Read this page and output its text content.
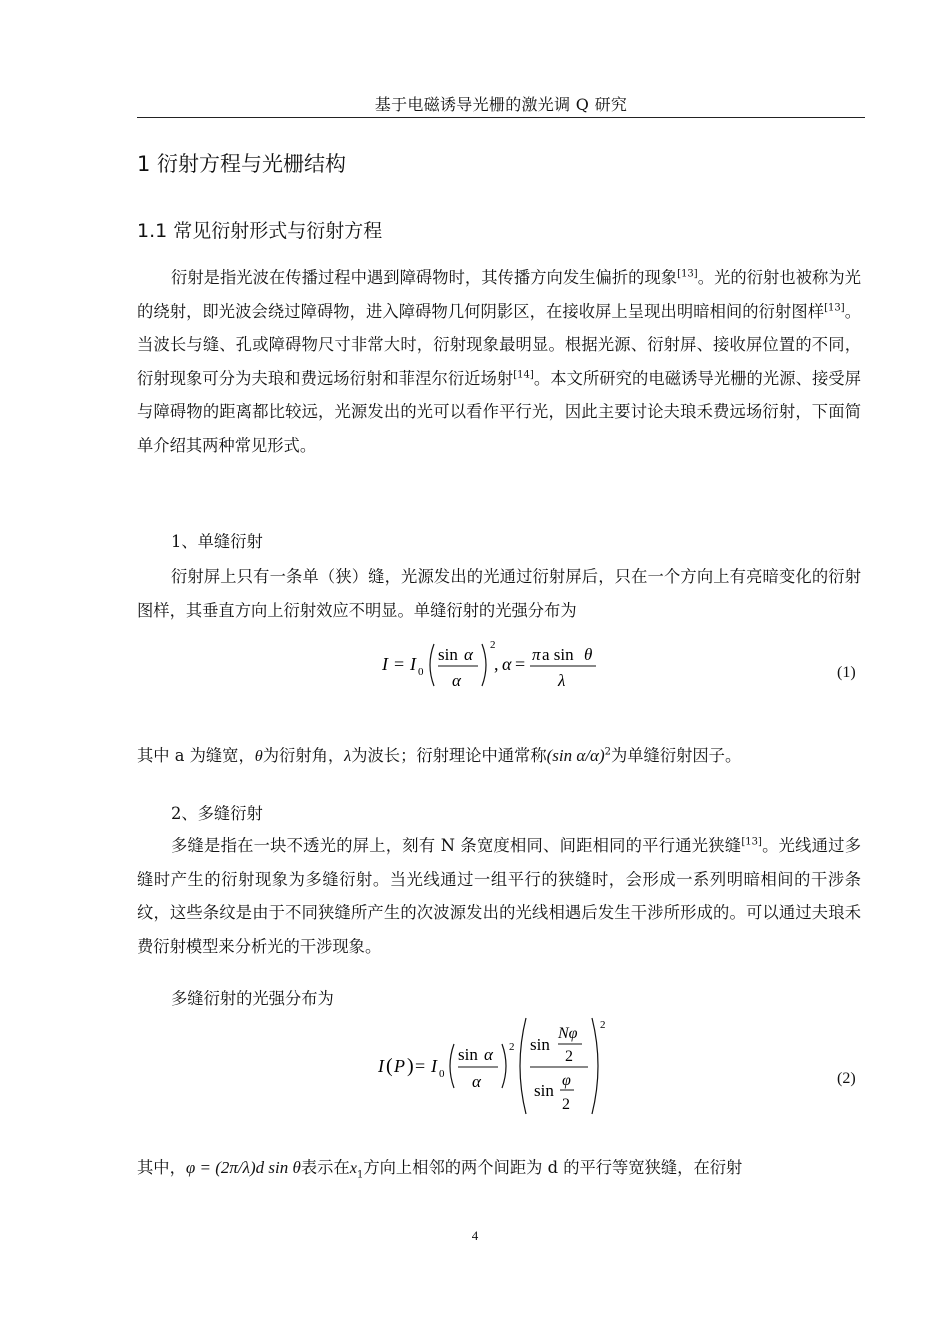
基于电磁诱导光栅的激光调 Q 研究
1 衍射方程与光栅结构
1.1 常见衍射形式与衍射方程
衍射是指光波在传播过程中遇到障碍物时，其传播方向发生偏折的现象[13]。光的衍射也被称为光的绕射，即光波会绕过障碍物，进入障碍物几何阴影区，在接收屏上呈现出明暗相间的衍射图样[13]。当波长与缝、孔或障碍物尺寸非常大时，衍射现象最明显。根据光源、衍射屏、接收屏位置的不同，衍射现象可分为夫琅和费远场衍射和菲涅尔衍近场射[14]。本文所研究的电磁诱导光栅的光源、接受屏与障碍物的距离都比较远，光源发出的光可以看作平行光，因此主要讨论夫琅禾费远场衍射，下面简单介绍其两种常见形式。
1、单缝衍射
衍射屏上只有一条单（狭）缝，光源发出的光通过衍射屏后，只在一个方向上有亮暗变化的衍射图样，其垂直方向上衍射效应不明显。单缝衍射的光强分布为
I = I 0
sin α
α
2
, α = π a sin θ
λ	(1)
其中 a 为缝宽，θ为衍射角，λ为波长；衍射理论中通常称(sin α/α)$^2$为单缝衍射因子。
2、多缝衍射
多缝是指在一块不透光的屏上，刻有 N 条宽度相同、间距相同的平行通光狭缝[13]。光线通过多缝时产生的衍射现象为多缝衍射。当光线通过一组平行的狭缝时，会形成一系列明暗相间的干涉条纹，这些条纹是由于不同狭缝所产生的次波源发出的光线相遇后发生干涉所形成的。可以通过夫琅禾费衍射模型来分析光的干涉现象。
多缝衍射的光强分布为
I ( P ) = I 0
sin α
α
2 sin
Nφ
2
sin
φ
2
2
(2)
其中，φ = (2π/λ)d sin θ表示在$x_1$方向上相邻的两个间距为 d 的平行等宽狭缝，在衍射
4
